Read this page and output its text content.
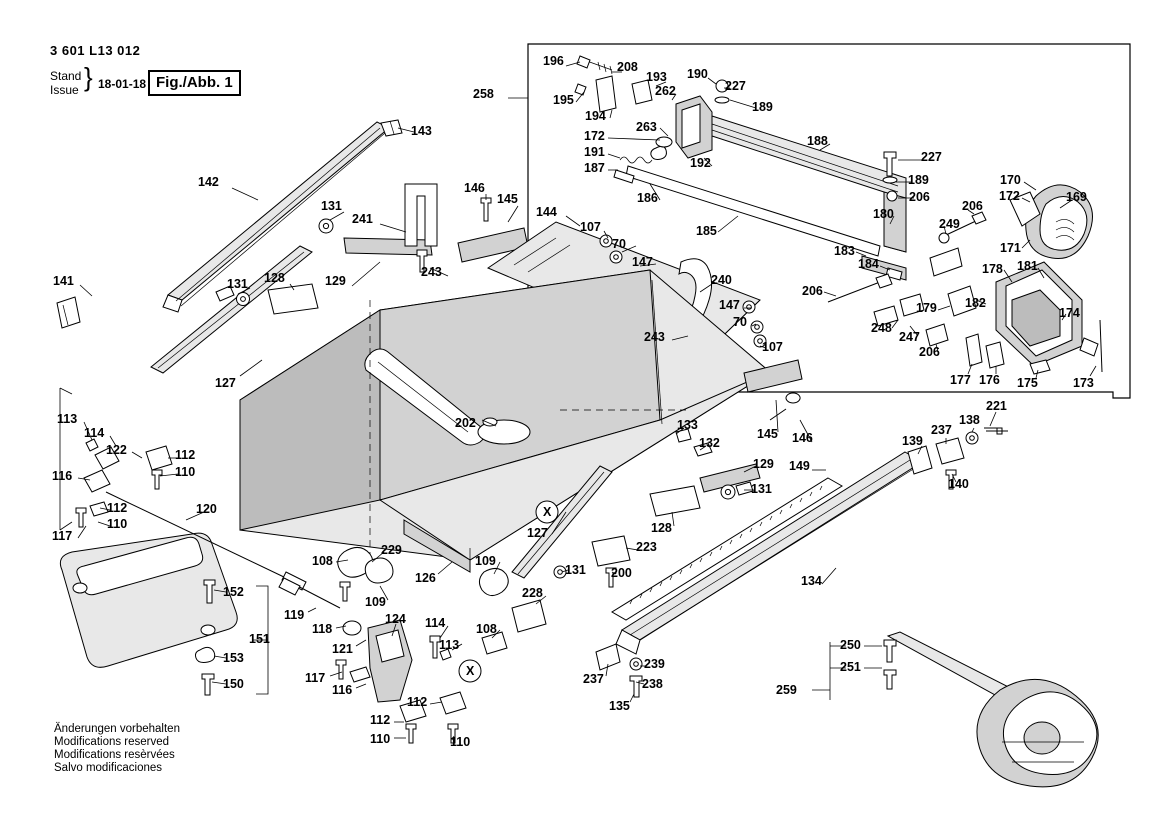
3 601 L13 012
Stand
Issue } 18-01-18 Fig./Abb. 1
Änderungen vorbehalten
Modifications reserved
Modifications resèrvées
Salvo modificaciones
143
142
131
241
146
145
144
107
70
147
141	131 128	129
243
240
147
70
243
107
127
202	133
132
145 146
129 149
131
128
113
114
122	112
110
116
112
110
117
120
108
229
126
109
119
118
121
124 114
113
117
116
112
110
112
110
152
151
153
150
109
108
228
127
131 200
223
134
239
238
237
135
139
237
138
221
140
250
251
259
258
196	208
193 190
227
195
194
262
189
263
172	188
191
187	192	227
186
185
189
206
180
183
184
249
206
170
172	169
171
178 181
174
182
179
206
248
247
206
177 176 175	173
X
X
